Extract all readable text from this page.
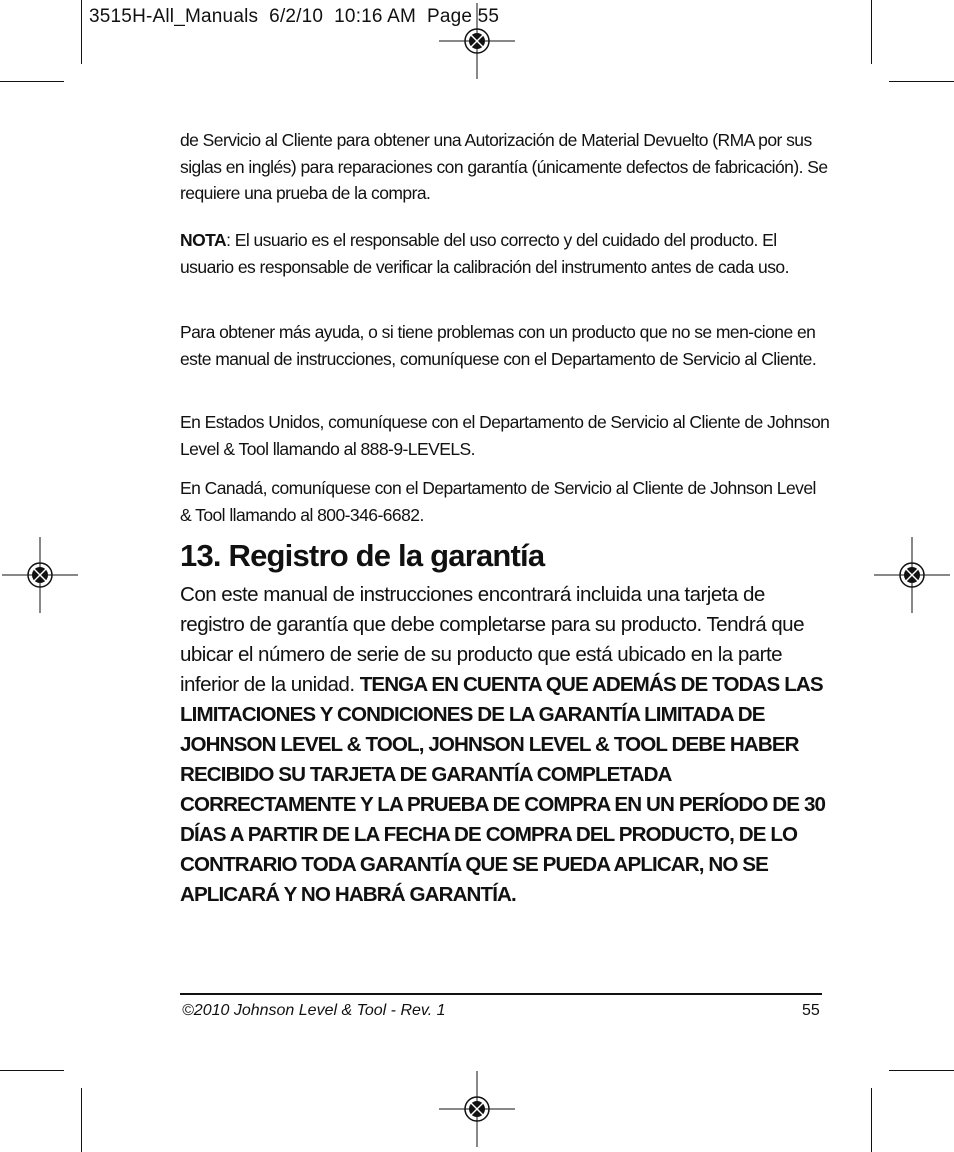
3515H-All_Manuals  6/2/10  10:16 AM  Page 55
de Servicio al Cliente para obtener una Autorización de Material Devuelto (RMA por sus siglas en inglés) para reparaciones con garantía (únicamente defectos de fabricación). Se requiere una prueba de la compra.
NOTA: El usuario es el responsable del uso correcto y del cuidado del producto. El usuario es responsable de verificar la calibración del instrumento antes de cada uso.
Para obtener más ayuda, o si tiene problemas con un producto que no se men-cione en este manual de instrucciones, comuníquese con el Departamento de Servicio al Cliente.
En Estados Unidos, comuníquese con el Departamento de Servicio al Cliente de Johnson Level & Tool llamando al 888-9-LEVELS.
En Canadá, comuníquese con el Departamento de Servicio al Cliente de Johnson Level & Tool llamando al 800-346-6682.
13. Registro de la garantía
Con este manual de instrucciones encontrará incluida una tarjeta de registro de garantía que debe completarse para su producto. Tendrá que ubicar el número de serie de su producto que está ubicado en la parte inferior de la unidad. TENGA EN CUENTA QUE ADEMÁS DE TODAS LAS LIMITACIONES Y CONDICIONES DE LA GARANTÍA LIMITADA DE JOHNSON LEVEL & TOOL, JOHNSON LEVEL & TOOL DEBE HABER RECIBIDO SU TARJETA DE GARANTÍA COMPLETADA CORRECTAMENTE Y LA PRUEBA DE COMPRA EN UN PERÍODO DE 30 DÍAS A PARTIR DE LA FECHA DE COMPRA DEL PRODUCTO, DE LO CONTRARIO TODA GARANTÍA QUE SE PUEDA APLICAR, NO SE APLICARÁ Y NO HABRÁ GARANTÍA.
©2010 Johnson Level & Tool - Rev. 1	55
